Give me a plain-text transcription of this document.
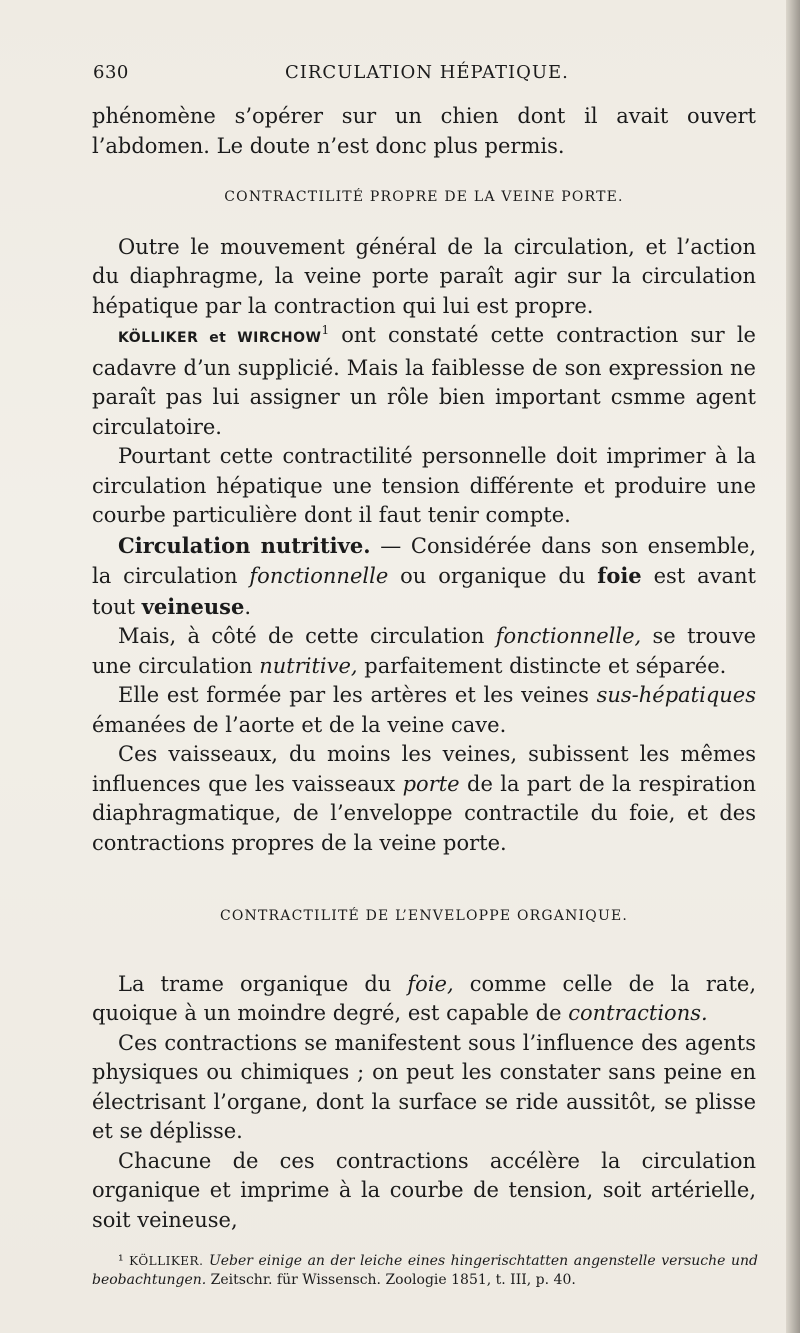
630	CIRCULATION HÉPATIQUE.

phénomène s’opérer sur un chien dont il avait ouvert l’abdomen. Le doute n’est donc plus permis.

CONTRACTILITÉ PROPRE DE LA VEINE PORTE.

Outre le mouvement général de la circulation, et l’action du diaphragme, la veine porte paraît agir sur la circulation hépatique par la contraction qui lui est propre.

KÖLLIKER et WIRCHOW$^1$ ont constaté cette contraction sur le cadavre d’un supplicié. Mais la faiblesse de son expression ne paraît pas lui assigner un rôle bien important csmme agent circulatoire.

Pourtant cette contractilité personnelle doit imprimer à la circulation hépatique une tension différente et produire une courbe particulière dont il faut tenir compte.

Circulation nutritive. — Considérée dans son ensemble, la circulation fonctionnelle ou organique du foie est avant tout veineuse.

Mais, à côté de cette circulation fonctionnelle, se trouve une circulation nutritive, parfaitement distincte et séparée.

Elle est formée par les artères et les veines sus-hépatiques émanées de l’aorte et de la veine cave.

Ces vaisseaux, du moins les veines, subissent les mêmes influences que les vaisseaux porte de la part de la respiration diaphragmatique, de l’enveloppe contractile du foie, et des contractions propres de la veine porte.

CONTRACTILITÉ DE L’ENVELOPPE ORGANIQUE.

La trame organique du foie, comme celle de la rate, quoique à un moindre degré, est capable de contractions.

Ces contractions se manifestent sous l’influence des agents physiques ou chimiques ; on peut les constater sans peine en électrisant l’organe, dont la surface se ride aussitôt, se plisse et se déplisse.

Chacune de ces contractions accélère la circulation organique et imprime à la courbe de tension, soit artérielle, soit veineuse,

¹ KÖLLIKER. Ueber einige an der leiche eines hingerischtatten angenstelle versuche und beobachtungen. Zeitschr. für Wissensch. Zoologie 1851, t. III, p. 40.
